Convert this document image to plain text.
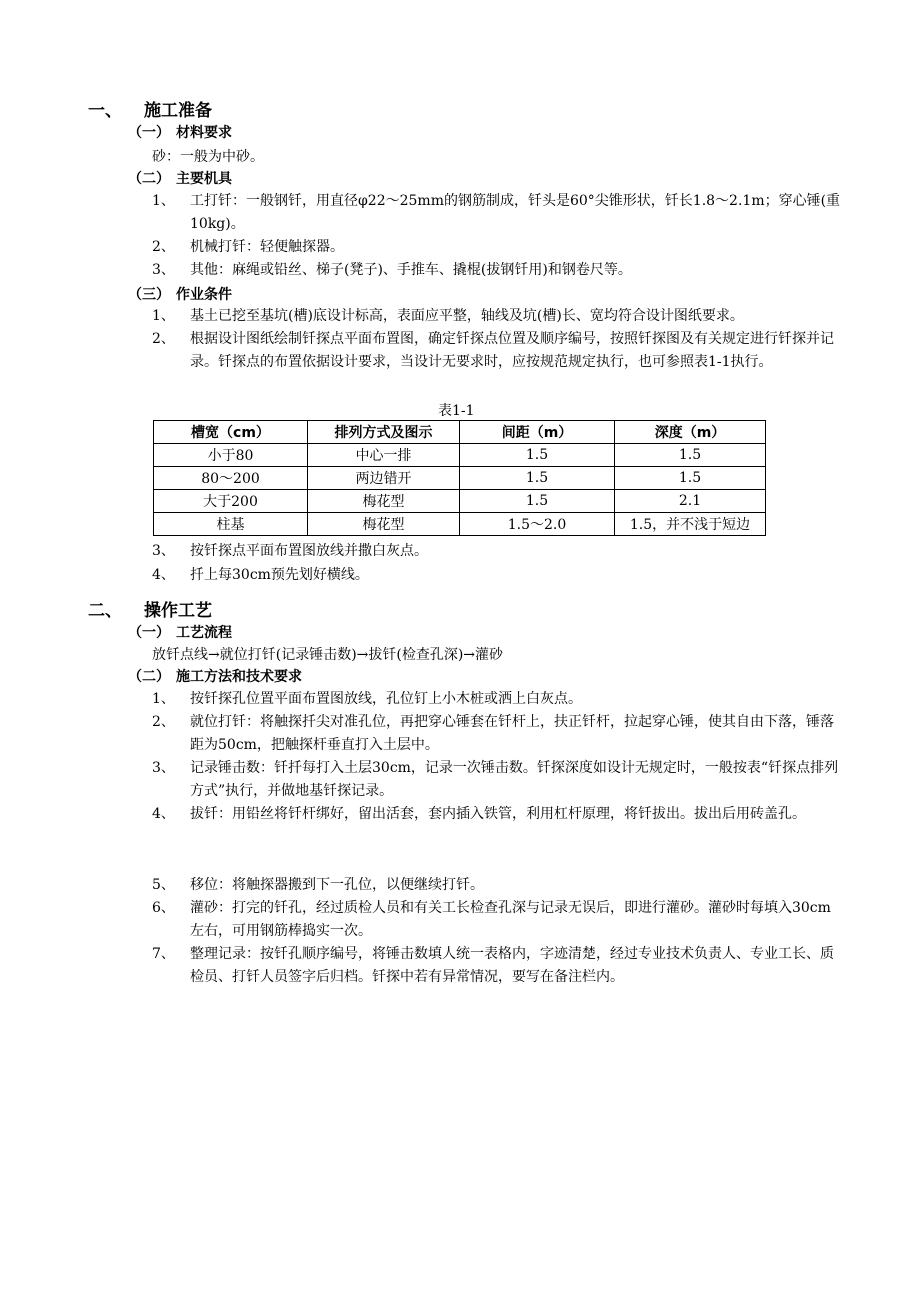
一、 施工准备
（一） 材料要求
砂：一般为中砂。
（二） 主要机具
1、 工打钎：一般钢钎，用直径φ22～25mm的钢筋制成，钎头是60°尖锥形状，钎长1.8～2.1m；穿心锤(重10kg)。
2、 机械打钎：轻便触探器。
3、 其他：麻绳或铅丝、梯子(凳子)、手推车、撬棍(拔钢钎用)和钢卷尺等。
（三） 作业条件
1、 基土已挖至基坑(槽)底设计标高，表面应平整，轴线及坑(槽)长、宽均符合设计图纸要求。
2、 根据设计图纸绘制钎探点平面布置图，确定钎探点位置及顺序编号，按照钎探图及有关规定进行钎探并记录。钎探点的布置依据设计要求，当设计无要求时，应按规范规定执行，也可参照表1-1执行。
表1-1
槽宽（cm）	排列方式及图示	间距（m）	深度（m）
小于80	中心一排	1.5	1.5
80～200	两边错开	1.5	1.5
大于200	梅花型	1.5	2.1
柱基	梅花型	1.5～2.0	1.5，并不浅于短边
3、 按钎探点平面布置图放线并撒白灰点。
4、 扦上每30cm预先划好横线。
二、 操作工艺
（一） 工艺流程
放钎点线→就位打钎(记录锤击数)→拔钎(检查孔深)→灌砂
（二） 施工方法和技术要求
1、 按钎探孔位置平面布置图放线，孔位钉上小木桩或洒上白灰点。
2、 就位打钎：将触探扦尖对准孔位，再把穿心锤套在钎杆上，扶正钎杆，拉起穿心锤，使其自由下落，锤落距为50cm，把触探杆垂直打入土层中。
3、 记录锤击数：钎扦每打入土层30cm，记录一次锤击数。钎探深度如设计无规定时，一般按表“钎探点排列方式”执行，并做地基钎探记录。
4、 拔钎：用铅丝将钎杆绑好，留出活套，套内插入铁管，利用杠杆原理，将钎拔出。拔出后用砖盖孔。
5、 移位：将触探器搬到下一孔位，以便继续打钎。
6、 灌砂：打完的钎孔，经过质检人员和有关工长检查孔深与记录无误后，即进行灌砂。灌砂时每填入30cm左右，可用钢筋棒捣实一次。
7、 整理记录：按钎孔顺序编号，将锤击数填人统一表格内，字迹清楚，经过专业技术负责人、专业工长、质检员、打钎人员签字后归档。钎探中若有异常情况，要写在备注栏内。
